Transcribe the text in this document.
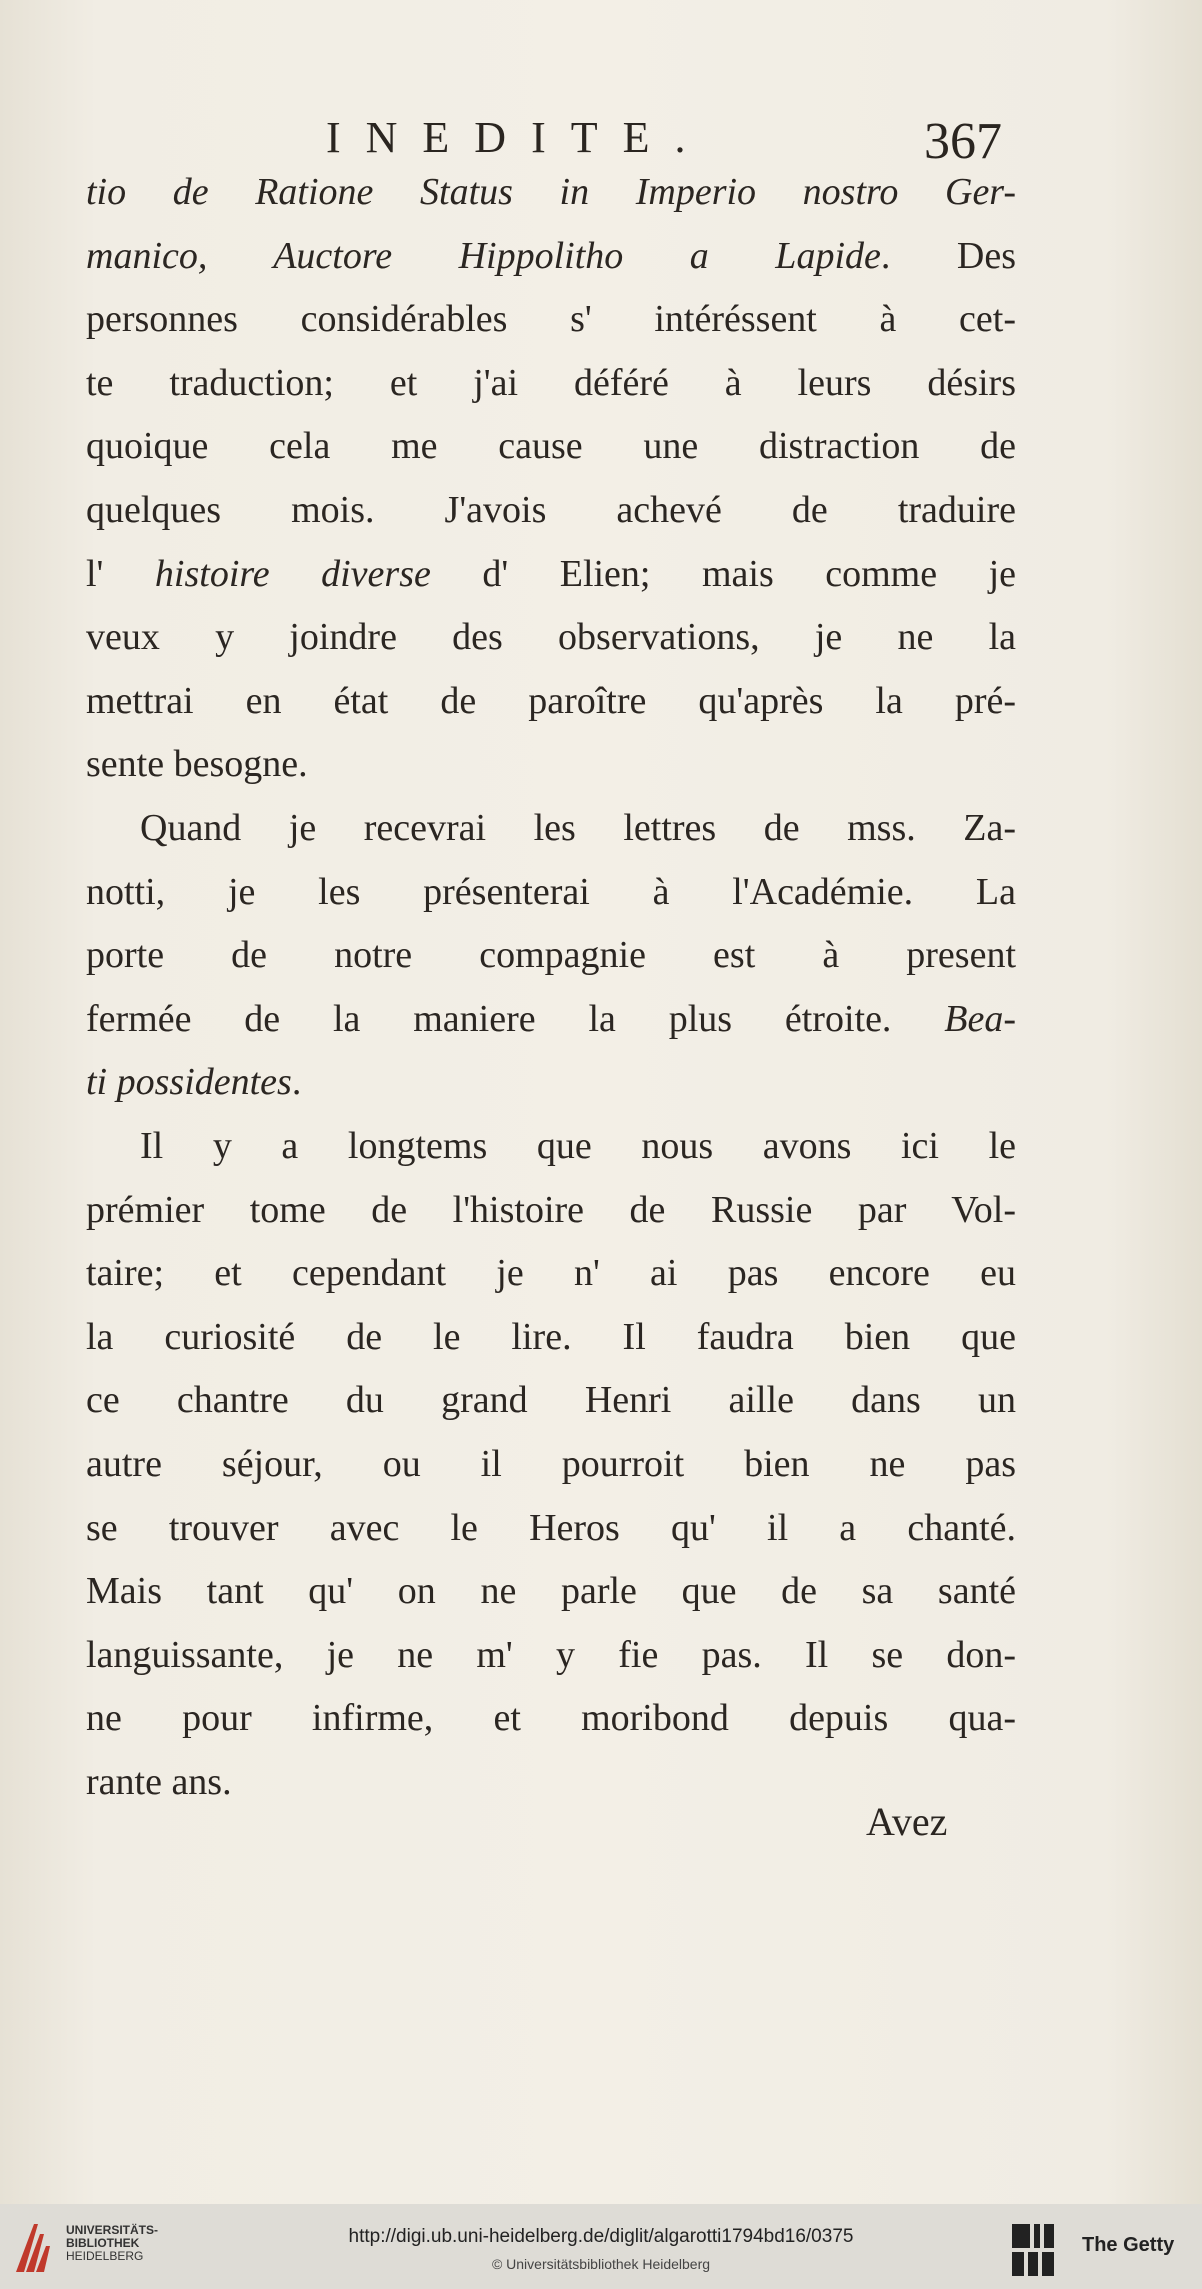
INEDITE.	367
tio de Ratione Status in Imperio nostro Ger-
manico, Auctore Hippolitho a Lapide. Des
personnes considérables s' intéréssent à cet-
te traduction; et j'ai déféré à leurs désirs
quoique cela me cause une distraction de
quelques mois. J'avois achevé de traduire
l' histoire diverse d' Elien; mais comme je
veux y joindre des observations, je ne la
mettrai en état de paroître qu'après la pré-
sente besogne.
Quand je recevrai les lettres de mss. Za-
notti, je les présenterai à l'Académie. La
porte de notre compagnie est à present
fermée de la maniere la plus étroite. Bea-
ti possidentes.
Il y a longtems que nous avons ici le
prémier tome de l'histoire de Russie par Vol-
taire; et cependant je n' ai pas encore eu
la curiosité de le lire. Il faudra bien que
ce chantre du grand Henri aille dans un
autre séjour, ou il pourroit bien ne pas
se trouver avec le Heros qu' il a chanté.
Mais tant qu' on ne parle que de sa santé
languissante, je ne m' y fie pas. Il se don-
ne pour infirme, et moribond depuis qua-
rante ans.
Avez
UNIVERSITÄTS-
BIBLIOTHEK
HEIDELBERG
http://digi.ub.uni-heidelberg.de/diglit/algarotti1794bd16/0375
© Universitätsbibliothek Heidelberg
The Getty
